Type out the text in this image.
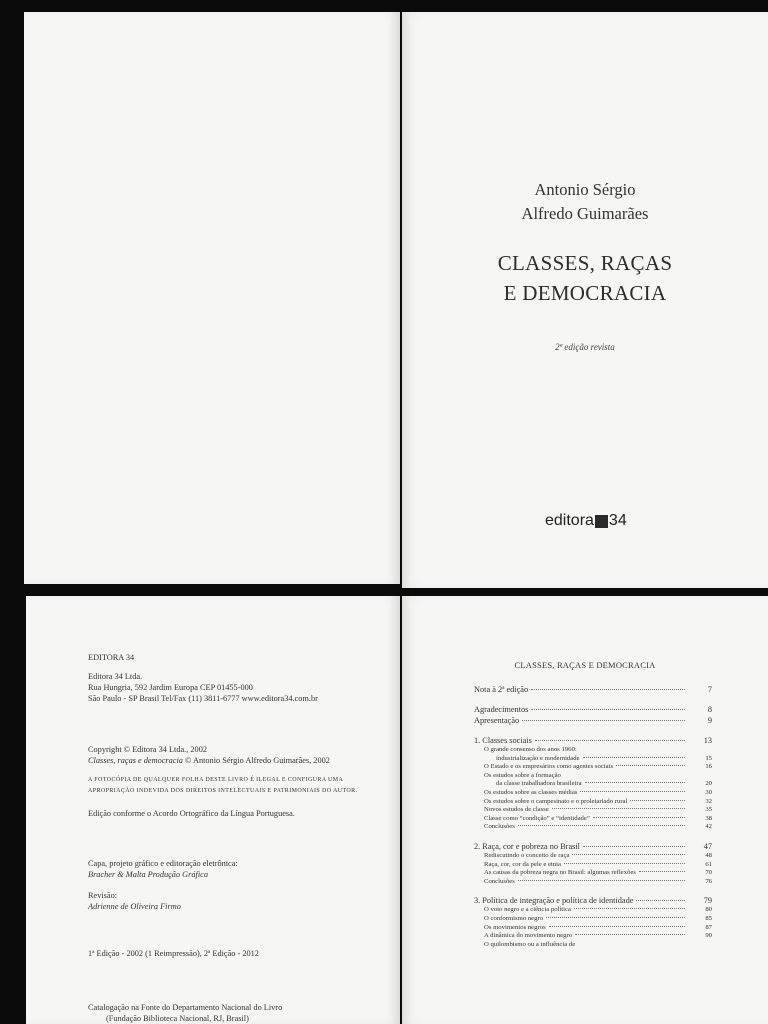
Antonio Sérgio
Alfredo Guimarães
CLASSES, RAÇAS
E DEMOCRACIA
2ª edição revista
editora 34
EDITORA 34
Editora 34 Ltda.
Rua Hungria, 592 Jardim Europa CEP 01455-000
São Paulo - SP Brasil Tel/Fax (11) 3811-6777 www.editora34.com.br
Copyright © Editora 34 Ltda., 2002
Classes, raças e democracia © Antonio Sérgio Alfredo Guimarães, 2002
A FOTOCÓPIA DE QUALQUER FOLHA DESTE LIVRO É ILEGAL E CONFIGURA UMA
APROPRIAÇÃO INDEVIDA DOS DIREITOS INTELECTUAIS E PATRIMONIAIS DO AUTOR.
Edição conforme o Acordo Ortográfico da Língua Portuguesa.
Capa, projeto gráfico e editoração eletrônica:
Bracher & Malta Produção Gráfica
Revisão:
Adrienne de Oliveira Firmo
1ª Edição - 2002 (1 Reimpressão), 2ª Edição - 2012
Catalogação na Fonte do Departamento Nacional do Livro
(Fundação Biblioteca Nacional, RJ, Brasil)
CLASSES, RAÇAS E DEMOCRACIA
Nota à 2ª edição	7
Agradecimentos	8
Apresentação	9
1. Classes sociais	13
O grande consenso dos anos 1960:
industrialização e modernidade	15
O Estado e os empresários como agentes sociais	16
Os estudos sobre a formação
da classe trabalhadora brasileira	20
Os estudos sobre as classes médias	30
Os estudos sobre o campesinato e o proletariado rural	32
Novos estudos de classe	35
Classe como “condição” e “identidade”	38
Conclusões	42
2. Raça, cor e pobreza no Brasil	47
Rediscutindo o conceito de raça	48
Raça, cor, cor da pele e etnia	61
As causas da pobreza negra no Brasil: algumas reflexões	70
Conclusões	76
3. Política de integração e política de identidade	79
O voto negro e a ciência política	80
O conformismo negro	85
Os movimentos negros	87
A dinâmica do movimento negro	90
O quilombismo ou a influência de
